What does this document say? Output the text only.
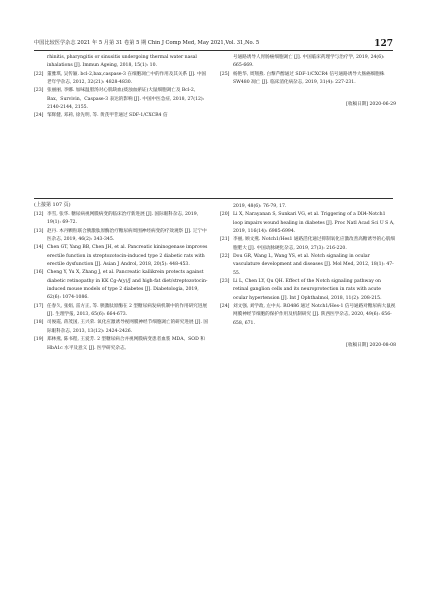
中国比较医学杂志 2021 年 5 月第 31 卷第 5 期 Chin J Comp Med, May 2021,Vol. 31,No. 5	127
rhinitis, pharyngitis or sinusitis undergoing thermal water nasal inhalations [J]. Immun Ageing, 2018, 15(1): 10.
[22] 董雅琪, 吴传颖. bcl-2,bax,caspase-3 在细胞凋亡中的作用及其关系 [J]. 中国老年学杂志, 2012, 32(21): 4828-4830.
[23] 张丽丽, 李娜. 加味温胆汤对心肌缺血(痰浊血瘀证)大鼠细胞凋亡及 Bcl-2、Bax、Survivin、Caspase-3 表达的影响 [J]. 中国中医急症, 2018, 27(12): 2140-2144, 2155.
[24] 邹辉健, 邓莉, 徐先明, 等. 黄芪甲苷通过 SDF-1/CXCR4 信
号通路诱导人胃肠癌细胞凋亡 [J]. 中国临床药理学与治疗学, 2019, 24(6): 665-669.
[25] 杨艳华, 周翔燕. 白藜芦醇通过 SDF-1/CXCR4 信号通路诱导大肠癌细胞株 SW480 凋亡 [J]. 临床消化病杂志, 2019, 31(4): 227-231.
[收稿日期] 2020-06-29
(上接第 107 页)
[12] 李雪, 张华. 糖尿病视网膜病变的临床治疗新进展 [J]. 国际眼科杂志, 2019, 19(1): 69-72.
[13] 赵丹. 木丹颗粒联合胰激肽原酶治疗糖尿病周围神经病变的疗效观察 [J]. 辽宁中医杂志, 2019, 46(2): 343-345.
[14] Chen GT, Yang BB, Chen JH, et al. Pancreatic kininogenase improves erectile function in streptozotocin-induced type 2 diabetic rats with erectile dysfunction [J]. Asian J Androl, 2018, 20(5): 448-453.
[16] Cheng Y, Yu X, Zhang J, et al. Pancreatic kallikrein protects against diabetic retinopathy in KK Cg-A(y)/J and high-fat diet/streptozotocin-induced mouse models of type 2 diabetes [J]. Diabetologia, 2019, 62(6): 1074-1086.
[17] 任春久, 张娟, 雷方正, 等. 胰激肽原酶在 2 型糖尿病发病机制中的作用研究进展 [J]. 生理学报, 2013, 65(6): 664-673.
[18] 司俊霞, 蒋茂国, 王兴荣. 氧化应激诱导视网膜神经节细胞凋亡的研究进展 [J]. 国际眼科杂志, 2013, 13(12): 2424-2426.
[19] 郑林燕, 陈书程, 王爱芳. 2 型糖尿病合并视网膜病变患者血浆 MDA、SOD 和 HbA1c 水平及意义 [J]. 医学研究杂志,
2019, 48(6): 76-79, 17.
[20] Li X, Narayanan S, Sunkari VG, et al. Triggering of a Dll4-Notch1 loop impairs wound healing in diabetes [J]. Proc Natl Acad Sci U S A, 2019, 116(14): 6985-6994.
[21] 李丽, 顾文燕. Notch1/Hes1 通路活化通过抑制氧化应激改善高糖诱导的心肌细胞肥大 [J]. 中国动脉硬化杂志, 2019, 27(3): 216-220.
[22] Dou GR, Wang L, Wang YS, et al. Notch signaling in ocular vasculature development and diseases [J]. Mol Med, 2012, 18(1): 47-55.
[23] Li L, Chen LY, Qu QH. Effect of the Notch signaling pathway on retinal ganglion cells and its neuroprotection in rats with acute ocular hypertension [J]. Int J Ophthalmol, 2018, 11(2): 208-215.
[24] 刘文强, 刘学政, 左中夫. RO486 通过 Notch1/Hes-1 信号通路对糖尿病大鼠视网膜神经节细胞的保护作用及机制研究 [J]. 陕西医学杂志, 2020, 49(6): 656-658, 671.
[收稿日期] 2020-08-08
